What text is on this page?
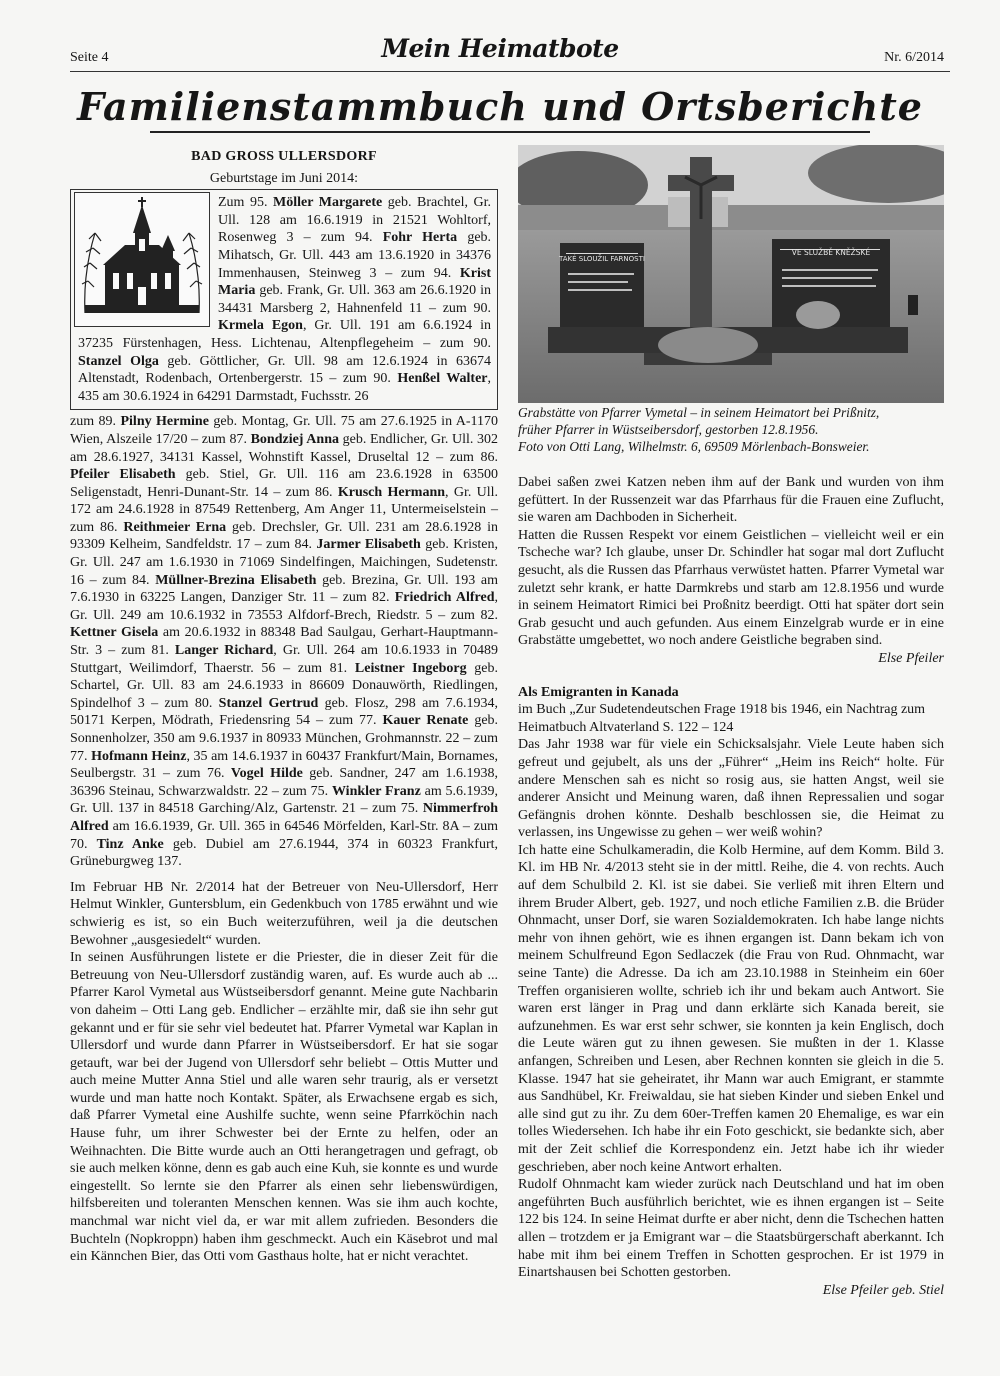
Seite 4	Mein Heimatbote	Nr. 6/2014
Familienstammbuch und Ortsberichte

BAD GROSS ULLERSDORF

Geburtstage im Juni 2014:

Zum 95. Möller Margarete geb. Brachtel, Gr. Ull. 128 am 16.6.1919 in 21521 Wohltorf, Rosenweg 3 – zum 94. Fohr Herta geb. Mihatsch, Gr. Ull. 443 am 13.6.1920 in 34376 Immenhausen, Steinweg 3 – zum 94. Krist Maria geb. Frank, Gr. Ull. 363 am 26.6.1920 in 34431 Marsberg 2, Hahnenfeld 11 – zum 90. Krmela Egon, Gr. Ull. 191 am 6.6.1924 in 37235 Fürstenhagen, Hess. Lichtenau, Altenpflegeheim – zum 90. Stanzel Olga geb. Göttlicher, Gr. Ull. 98 am 12.6.1924 in 63674 Altenstadt, Rodenbach, Ortenbergerstr. 15 – zum 90. Henßel Walter, 435 am 30.6.1924 in 64291 Darmstadt, Fuchsstr. 26

zum 89. Pilny Hermine geb. Montag, Gr. Ull. 75 am 27.6.1925 in A-1170 Wien, Alszeile 17/20 – zum 87. Bondziej Anna geb. Endlicher, Gr. Ull. 302 am 28.6.1927, 34131 Kassel, Wohnstift Kassel, Druseltal 12 – zum 86. Pfeiler Elisabeth geb. Stiel, Gr. Ull. 116 am 23.6.1928 in 63500 Seligenstadt, Henri-Dunant-Str. 14 – zum 86. Krusch Hermann, Gr. Ull. 172 am 24.6.1928 in 87549 Rettenberg, Am Anger 11, Untermeiselstein – zum 86. Reithmeier Erna geb. Drechsler, Gr. Ull. 231 am 28.6.1928 in 93309 Kelheim, Sandfeldstr. 17 – zum 84. Jarmer Elisabeth geb. Kristen, Gr. Ull. 247 am 1.6.1930 in 71069 Sindelfingen, Maichingen, Sudetenstr. 16 – zum 84. Müllner-Brezina Elisabeth geb. Brezina, Gr. Ull. 193 am 7.6.1930 in 63225 Langen, Danziger Str. 11 – zum 82. Friedrich Alfred, Gr. Ull. 249 am 10.6.1932 in 73553 Alfdorf-Brech, Riedstr. 5 – zum 82. Kettner Gisela am 20.6.1932 in 88348 Bad Saulgau, Gerhart-Hauptmann-Str. 3 – zum 81. Langer Richard, Gr. Ull. 264 am 10.6.1933 in 70489 Stuttgart, Weilimdorf, Thaerstr. 56 – zum 81. Leistner Ingeborg geb. Schartel, Gr. Ull. 83 am 24.6.1933 in 86609 Donauwörth, Riedlingen, Spindelhof 3 – zum 80. Stanzel Gertrud geb. Flosz, 298 am 7.6.1934, 50171 Kerpen, Mödrath, Friedensring 54 – zum 77. Kauer Renate geb. Sonnenholzer, 350 am 9.6.1937 in 80933 München, Grohmannstr. 22 – zum 77. Hofmann Heinz, 35 am 14.6.1937 in 60437 Frankfurt/Main, Bornames, Seulbergstr. 31 – zum 76. Vogel Hilde geb. Sandner, 247 am 1.6.1938, 36396 Steinau, Schwarzwaldstr. 22 – zum 75. Winkler Franz am 5.6.1939, Gr. Ull. 137 in 84518 Garching/Alz, Gartenstr. 21 – zum 75. Nimmerfroh Alfred am 16.6.1939, Gr. Ull. 365 in 64546 Mörfelden, Karl-Str. 8A – zum 70. Tinz Anke geb. Dubiel am 27.6.1944, 374 in 60323 Frankfurt, Grüneburgweg 137.

Im Februar HB Nr. 2/2014 hat der Betreuer von Neu-Ullersdorf, Herr Helmut Winkler, Guntersblum, ein Gedenkbuch von 1785 erwähnt und wie schwierig es ist, so ein Buch weiterzuführen, weil ja die deutschen Bewohner „ausgesiedelt“ wurden.

In seinen Ausführungen listete er die Priester, die in dieser Zeit für die Betreuung von Neu-Ullersdorf zuständig waren, auf. Es wurde auch ab ... Pfarrer Karol Vymetal aus Wüstseibersdorf genannt. Meine gute Nachbarin von daheim – Otti Lang geb. Endlicher – erzählte mir, daß sie ihn sehr gut gekannt und er für sie sehr viel bedeutet hat. Pfarrer Vymetal war Kaplan in Ullersdorf und wurde dann Pfarrer in Wüstseibersdorf. Er hat sie sogar getauft, war bei der Jugend von Ullersdorf sehr beliebt – Ottis Mutter und auch meine Mutter Anna Stiel und alle waren sehr traurig, als er versetzt wurde und man hatte noch Kontakt. Später, als Erwachsene ergab es sich, daß Pfarrer Vymetal eine Aushilfe suchte, wenn seine Pfarrköchin nach Hause fuhr, um ihrer Schwester bei der Ernte zu helfen, oder an Weihnachten. Die Bitte wurde auch an Otti herangetragen und gefragt, ob sie auch melken könne, denn es gab auch eine Kuh, sie konnte es und wurde eingestellt. So lernte sie den Pfarrer als einen sehr liebenswürdigen, hilfsbereiten und toleranten Menschen kennen. Was sie ihm auch kochte, manchmal war nicht viel da, er war mit allem zufrieden. Besonders die Buchteln (Nopkroppn) haben ihm geschmeckt. Auch ein Käsebrot und mal ein Kännchen Bier, das Otti vom Gasthaus holte, hat er nicht verachtet.

TAKÉ SLOUŽIL FARNOSTI
VE SLUŽBĚ KNĚŽSKÉ
Grabstätte von Pfarrer Vymetal – in seinem Heimatort bei Prißnitz,
früher Pfarrer in Wüstseibersdorf, gestorben 12.8.1956.
Foto von Otti Lang, Wilhelmstr. 6, 69509 Mörlenbach-Bonsweier.

Dabei saßen zwei Katzen neben ihm auf der Bank und wurden von ihm gefüttert. In der Russenzeit war das Pfarrhaus für die Frauen eine Zuflucht, sie waren am Dachboden in Sicherheit.

Hatten die Russen Respekt vor einem Geistlichen – vielleicht weil er ein Tscheche war? Ich glaube, unser Dr. Schindler hat sogar mal dort Zuflucht gesucht, als die Russen das Pfarrhaus verwüstet hatten. Pfarrer Vymetal war zuletzt sehr krank, er hatte Darmkrebs und starb am 12.8.1956 und wurde in seinem Heimatort Rimici bei Proßnitz beerdigt. Otti hat später dort sein Grab gesucht und auch gefunden. Aus einem Einzelgrab wurde er in eine Grabstätte umgebettet, wo noch andere Geistliche begraben sind.
Else Pfeiler

Als Emigranten in Kanada

im Buch „Zur Sudetendeutschen Frage 1918 bis 1946, ein Nachtrag zum Heimatbuch Altvaterland S. 122 – 124

Das Jahr 1938 war für viele ein Schicksalsjahr. Viele Leute haben sich gefreut und gejubelt, als uns der „Führer“ „Heim ins Reich“ holte. Für andere Menschen sah es nicht so rosig aus, sie hatten Angst, weil sie anderer Ansicht und Meinung waren, daß ihnen Repressalien und sogar Gefängnis drohen könnte. Deshalb beschlossen sie, die Heimat zu verlassen, ins Ungewisse zu gehen – wer weiß wohin?

Ich hatte eine Schulkameradin, die Kolb Hermine, auf dem Komm. Bild 3. Kl. im HB Nr. 4/2013 steht sie in der mittl. Reihe, die 4. von rechts. Auch auf dem Schulbild 2. Kl. ist sie dabei. Sie verließ mit ihren Eltern und ihrem Bruder Albert, geb. 1927, und noch etliche Familien z.B. die Brüder Ohnmacht, unser Dorf, sie waren Sozialdemokraten. Ich habe lange nichts mehr von ihnen gehört, wie es ihnen ergangen ist. Dann bekam ich von meinem Schulfreund Egon Sedlaczek (die Frau von Rud. Ohnmacht, war seine Tante) die Adresse. Da ich am 23.10.1988 in Steinheim ein 60er Treffen organisieren wollte, schrieb ich ihr und bekam auch Antwort. Sie waren erst länger in Prag und dann erklärte sich Kanada bereit, sie aufzunehmen. Es war erst sehr schwer, sie konnten ja kein Englisch, doch die Leute wären gut zu ihnen gewesen. Sie mußten in der 1. Klasse anfangen, Schreiben und Lesen, aber Rechnen konnten sie gleich in die 5. Klasse. 1947 hat sie geheiratet, ihr Mann war auch Emigrant, er stammte aus Sandhübel, Kr. Freiwaldau, sie hat sieben Kinder und sieben Enkel und alle sind gut zu ihr. Zu dem 60er-Treffen kamen 20 Ehemalige, es war ein tolles Wiedersehen. Ich habe ihr ein Foto geschickt, sie bedankte sich, aber mit der Zeit schlief die Korrespondenz ein. Jetzt habe ich ihr wieder geschrieben, aber noch keine Antwort erhalten.

Rudolf Ohnmacht kam wieder zurück nach Deutschland und hat im oben angeführten Buch ausführlich berichtet, wie es ihnen ergangen ist – Seite 122 bis 124. In seine Heimat durfte er aber nicht, denn die Tschechen hatten allen – trotzdem er ja Emigrant war – die Staatsbürgerschaft aberkannt. Ich habe mit ihm bei einem Treffen in Schotten gesprochen. Er ist 1979 in Einartshausen bei Schotten gestorben.

Else Pfeiler geb. Stiel
